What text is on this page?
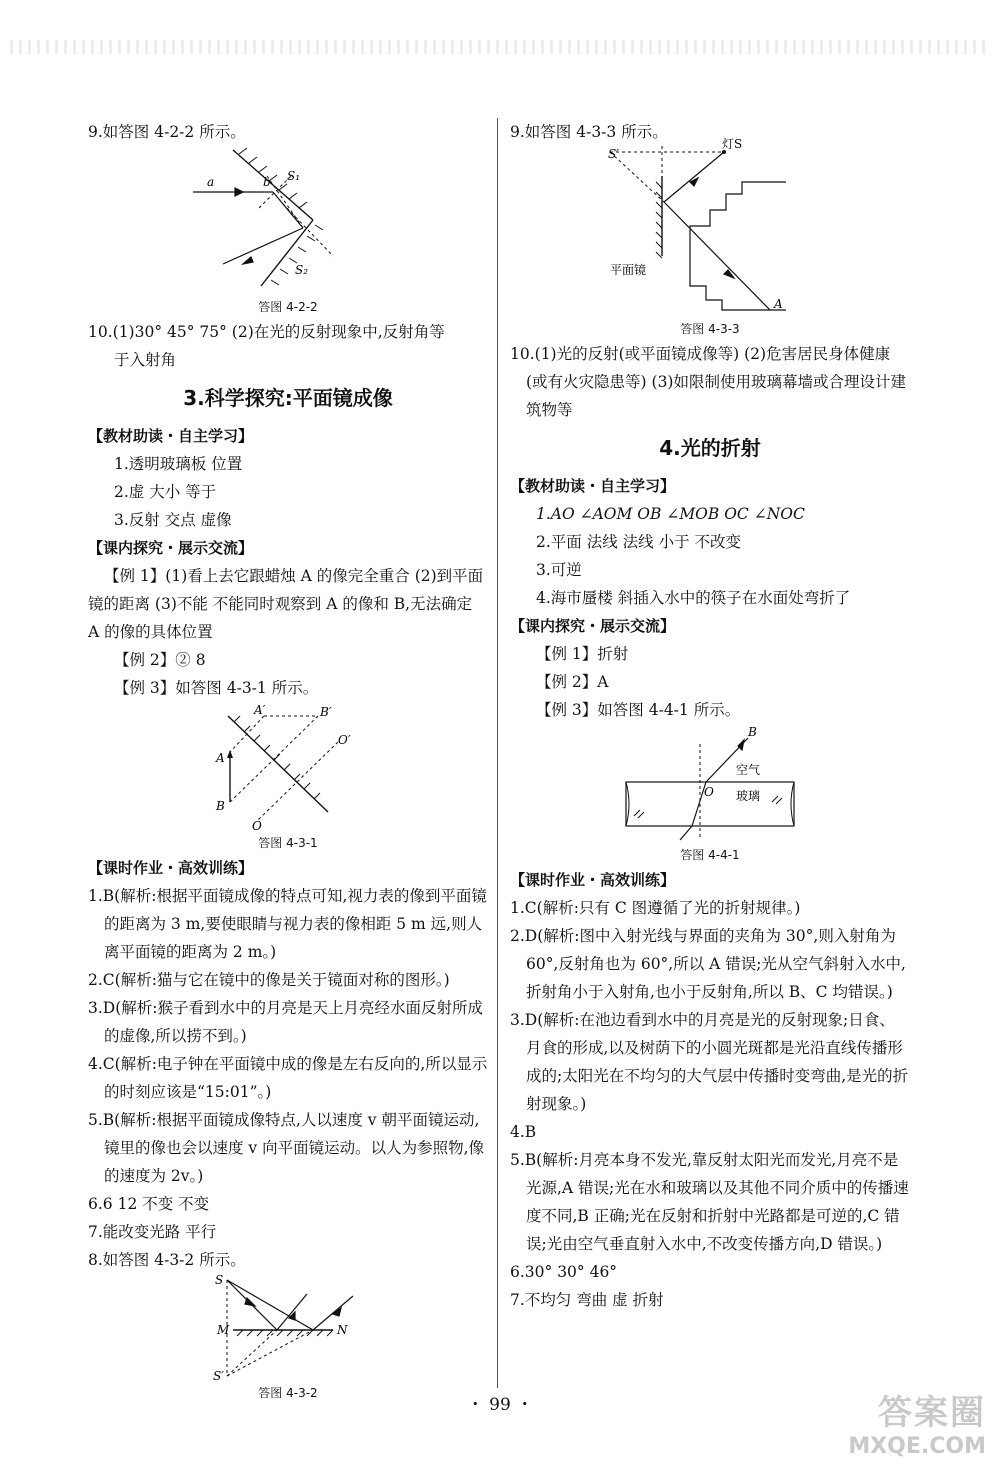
9.如答图 4-2-2 所示。

a	b S₁
S₂
答图 4-2-2

10.(1)30° 45° 75° (2)在光的反射现象中,反射角等

于入射角

3.科学探究:平面镜成像
【教材助读・自主学习】

1.透明玻璃板 位置

2.虚 大小 等于

3.反射 交点 虚像

【课内探究・展示交流】

【例 1】(1)看上去它跟蜡烛 A 的像完全重合 (2)到平面镜的距离 (3)不能 不能同时观察到 A 的像和 B,无法确定 A 的像的具体位置

【例 2】② 8

【例 3】如答图 4-3-1 所示。

A′	B′
O′
A
B
O
答图 4-3-1
【课时作业・高效训练】

1.B(解析:根据平面镜成像的特点可知,视力表的像到平面镜的距离为 3 m,要使眼睛与视力表的像相距 5 m 远,则人离平面镜的距离为 2 m。)

2.C(解析:猫与它在镜中的像是关于镜面对称的图形。)

3.D(解析:猴子看到水中的月亮是天上月亮经水面反射所成的虚像,所以捞不到。)

4.C(解析:电子钟在平面镜中成的像是左右反向的,所以显示的时刻应该是“15:01”。)

5.B(解析:根据平面镜成像特点,人以速度 v 朝平面镜运动,镜里的像也会以速度 v 向平面镜运动。以人为参照物,像的速度为 2v。)

6.6 12 不变 不变

7.能改变光路 平行

8.如答图 4-3-2 所示。

S
S′
M	N
答图 4-3-2

9.如答图 4-3-3 所示。

S′
灯S
平面镜
A
答图 4-3-3

10.(1)光的反射(或平面镜成像等) (2)危害居民身体健康(或有火灾隐患等) (3)如限制使用玻璃幕墙或合理设计建筑物等

4.光的折射
【教材助读・自主学习】

1.AO ∠AOM OB ∠MOB OC ∠NOC

2.平面 法线 法线 小于 不改变

3.可逆

4.海市蜃楼 斜插入水中的筷子在水面处弯折了

【课内探究・展示交流】

【例 1】折射

【例 2】A

【例 3】如答图 4-4-1 所示。

B
空气
O 玻璃
答图 4-4-1
【课时作业・高效训练】

1.C(解析:只有 C 图遵循了光的折射规律。)

2.D(解析:图中入射光线与界面的夹角为 30°,则入射角为 60°,反射角也为 60°,所以 A 错误;光从空气斜射入水中,折射角小于入射角,也小于反射角,所以 B、C 均错误。)

3.D(解析:在池边看到水中的月亮是光的反射现象;日食、月食的形成,以及树荫下的小圆光斑都是光沿直线传播形成的;太阳光在不均匀的大气层中传播时变弯曲,是光的折射现象。)

4.B

5.B(解析:月亮本身不发光,靠反射太阳光而发光,月亮不是光源,A 错误;光在水和玻璃以及其他不同介质中的传播速度不同,B 正确;光在反射和折射中光路都是可逆的,C 错误;光由空气垂直射入水中,不改变传播方向,D 错误。)

6.30° 30° 46°

7.不均匀 弯曲 虚 折射

・ 99 ・	答案圈
MXQE.COM
